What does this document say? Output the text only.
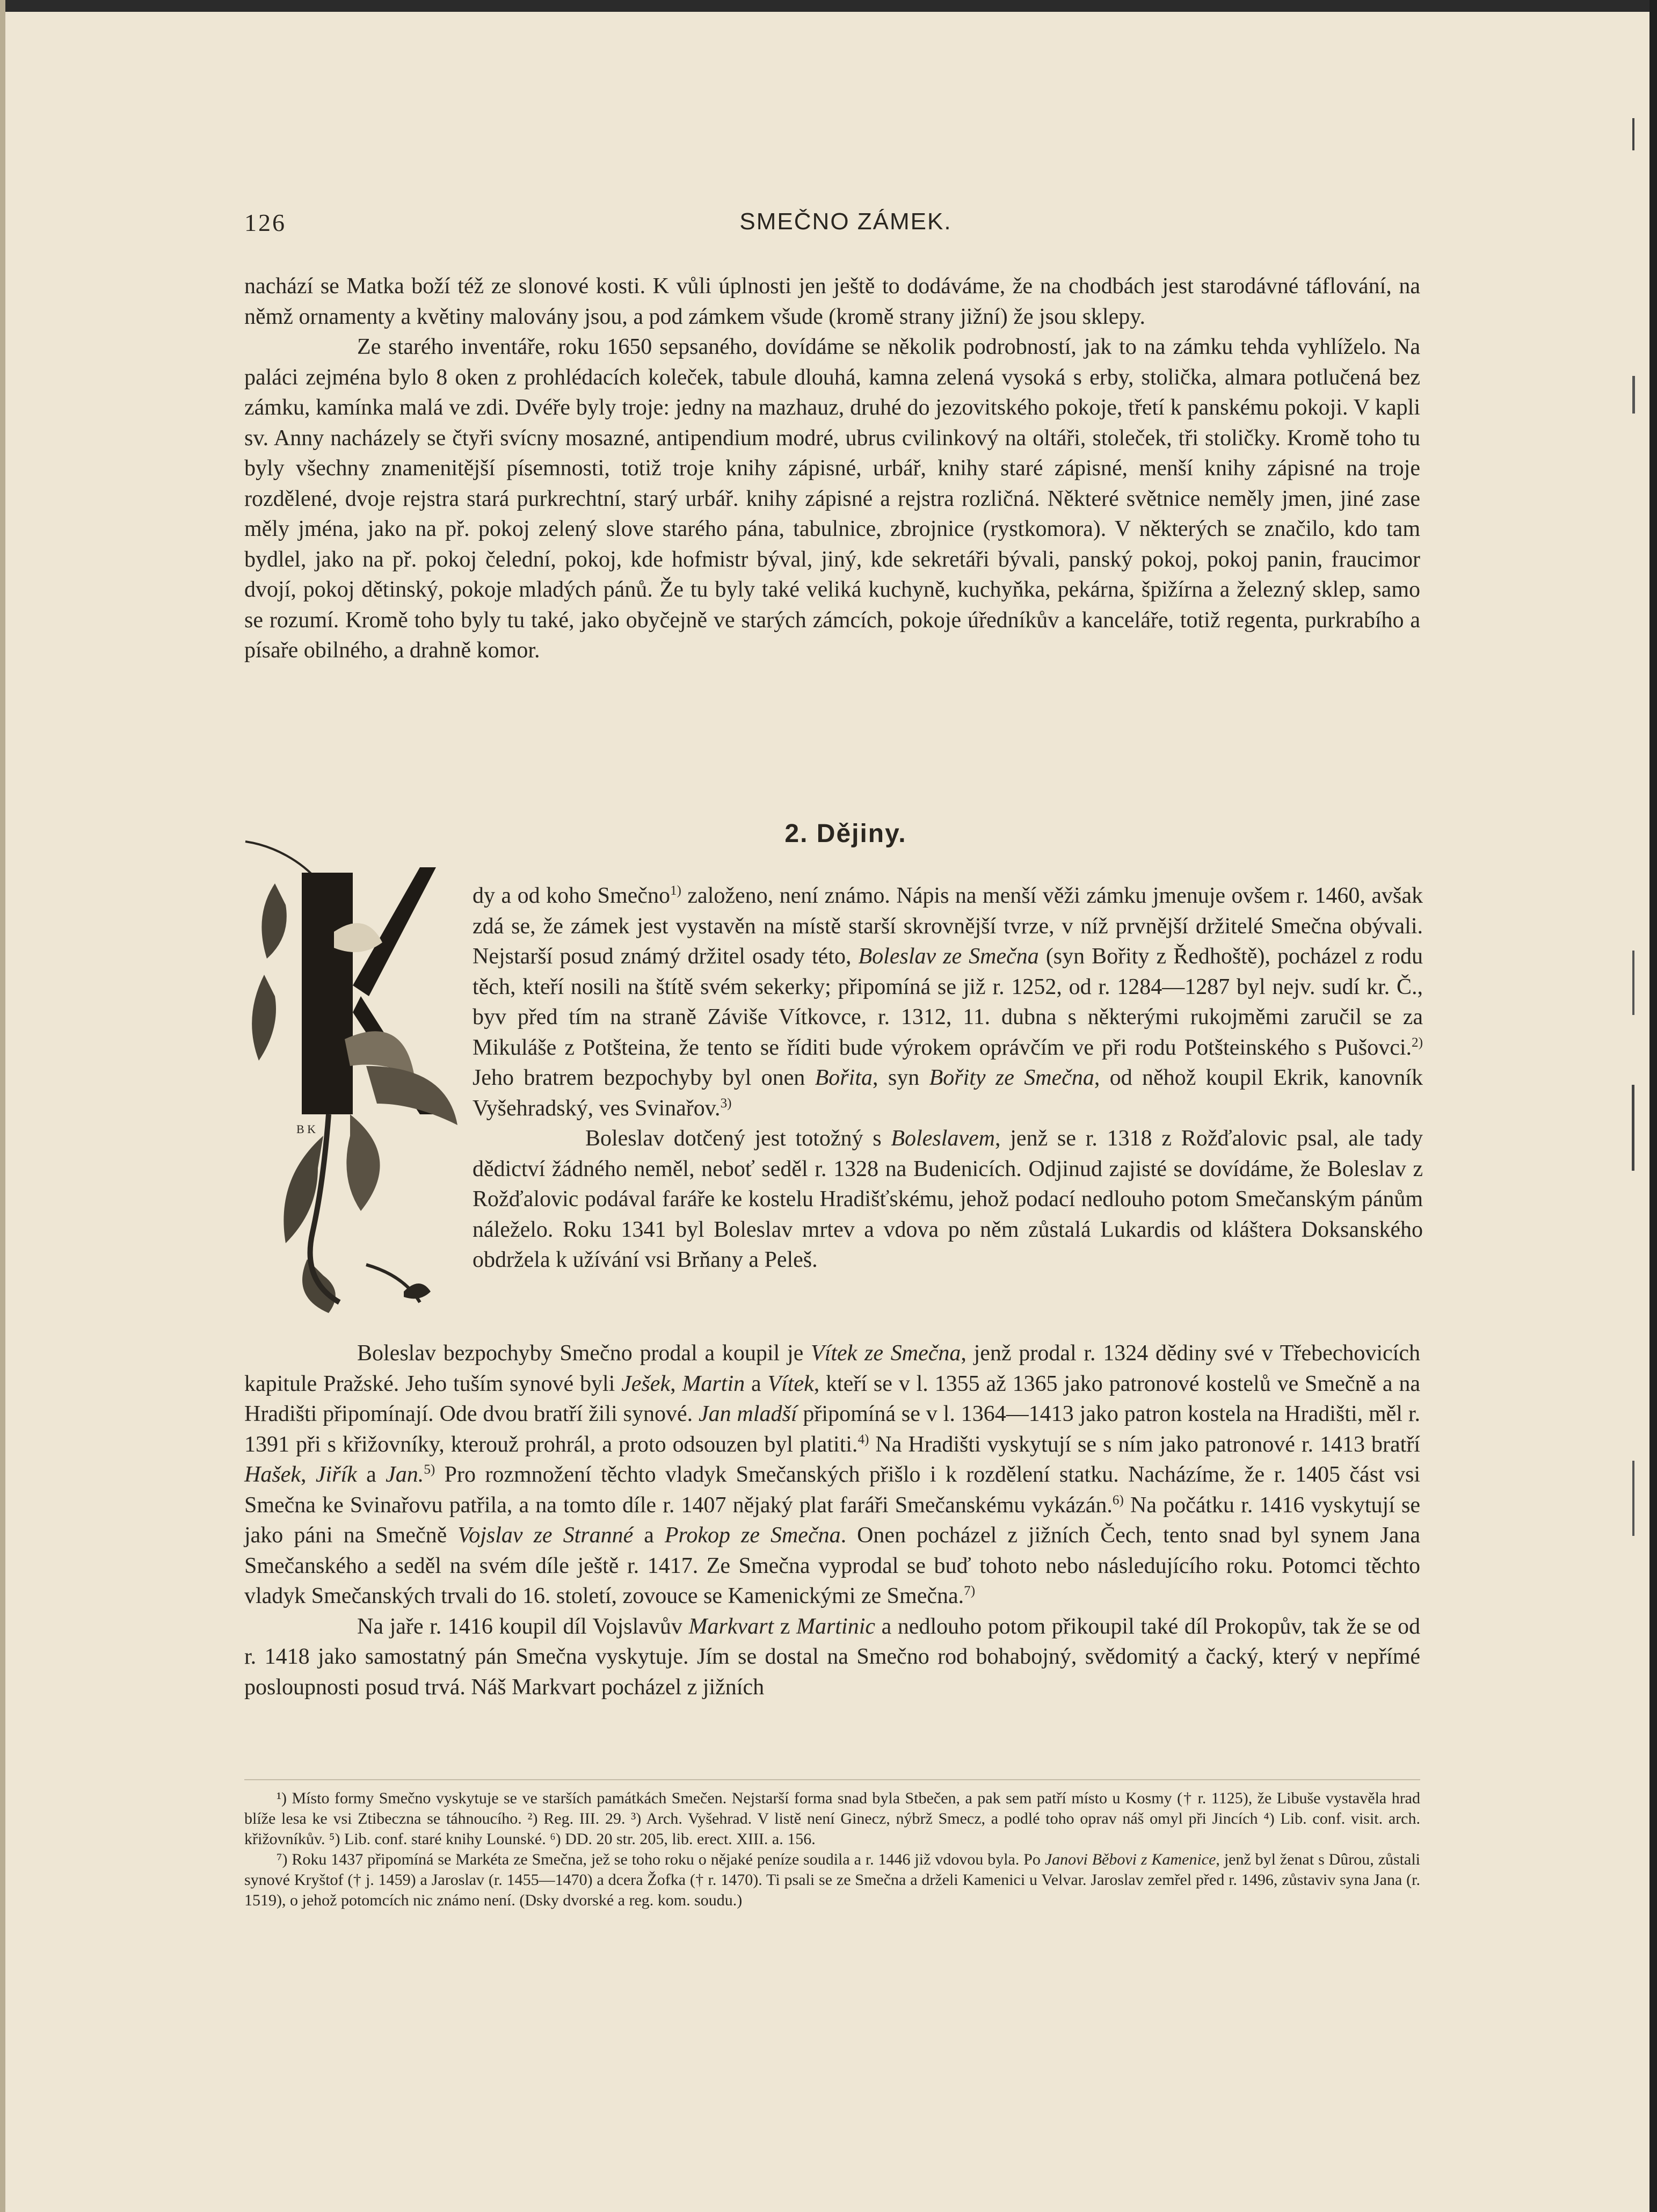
126	SMEČNO ZÁMEK.

nachází se Matka boží též ze slonové kosti. K vůli úplnosti jen ještě to dodáváme, že na chodbách jest starodávné táflování, na němž ornamenty a květiny malovány jsou, a pod zámkem všude (kromě strany jižní) že jsou sklepy.

Ze starého inventáře, roku 1650 sepsaného, dovídáme se několik podrobností, jak to na zámku tehda vyhlíželo. Na paláci zejména bylo 8 oken z prohlédacích koleček, tabule dlouhá, kamna zelená vysoká s erby, stolička, almara potlučená bez zámku, kamínka malá ve zdi. Dvéře byly troje: jedny na mazhauz, druhé do jezovitského pokoje, třetí k panskému pokoji. V kapli sv. Anny nacházely se čtyři svícny mosazné, antipendium modré, ubrus cvilinkový na oltáři, stoleček, tři stoličky. Kromě toho tu byly všechny znamenitější písemnosti, totiž troje knihy zápisné, urbář, knihy staré zápisné, menší knihy zápisné na troje rozdělené, dvoje rejstra stará purkrechtní, starý urbář. knihy zápisné a rejstra rozličná. Některé světnice neměly jmen, jiné zase měly jména, jako na př. pokoj zelený slove starého pána, tabulnice, zbrojnice (rystkomora). V některých se značilo, kdo tam bydlel, jako na př. pokoj čelední, pokoj, kde hofmistr býval, jiný, kde sekretáři bývali, panský pokoj, pokoj panin, fraucimor dvojí, pokoj dětinský, pokoje mladých pánů. Že tu byly také veliká kuchyně, kuchyňka, pekárna, špižírna a železný sklep, samo se rozumí. Kromě toho byly tu také, jako obyčejně ve starých zámcích, pokoje úředníkův a kanceláře, totiž regenta, purkrabího a písaře obilného, a drahně komor.

2. Dějiny.
B K

dy a od koho Smečno$^{1)}$ založeno, není známo. Nápis na menší věži zámku jmenuje ovšem r. 1460, avšak zdá se, že zámek jest vystavěn na místě starší skrovnější tvrze, v níž prvnější držitelé Smečna obývali. Nejstarší posud známý držitel osady této, Boleslav ze Smečna (syn Bořity z Ředhoště), pocházel z rodu těch, kteří nosili na štítě svém sekerky; připomíná se již r. 1252, od r. 1284—1287 byl nejv. sudí kr. Č., byv před tím na straně Záviše Vítkovce, r. 1312, 11. dubna s některými rukojměmi zaručil se za Mikuláše z Potšteina, že tento se říditi bude výrokem oprávčím ve při rodu Potšteinského s Pušovci.$^{2)}$ Jeho bratrem bezpochyby byl onen Bořita, syn Bořity ze Smečna, od něhož koupil Ekrik, kanovník Vyšehradský, ves Svinařov.$^{3)}$

Boleslav dotčený jest totožný s Boleslavem, jenž se r. 1318 z Rožďalovic psal, ale tady dědictví žádného neměl, neboť seděl r. 1328 na Budenicích. Odjinud zajisté se dovídáme, že Boleslav z Rožďalovic podával faráře ke kostelu Hradišťskému, jehož podací nedlouho potom Smečanským pánům náleželo. Roku 1341 byl Boleslav mrtev a vdova po něm zůstalá Lukardis od kláštera Doksanského obdržela k užívání vsi Brňany a Peleš.

Boleslav bezpochyby Smečno prodal a koupil je Vítek ze Smečna, jenž prodal r. 1324 dědiny své v Třebechovicích kapitule Pražské. Jeho tuším synové byli Ješek, Martin a Vítek, kteří se v l. 1355 až 1365 jako patronové kostelů ve Smečně a na Hradišti připomínají. Ode dvou bratří žili synové. Jan mladší připomíná se v l. 1364—1413 jako patron kostela na Hradišti, měl r. 1391 při s křižovníky, kterouž prohrál, a proto odsouzen byl platiti.$^{4)}$ Na Hradišti vyskytují se s ním jako patronové r. 1413 bratří Hašek, Jiřík a Jan.$^{5)}$ Pro rozmnožení těchto vladyk Smečanských přišlo i k rozdělení statku. Nacházíme, že r. 1405 část vsi Smečna ke Svinařovu patřila, a na tomto díle r. 1407 nějaký plat faráři Smečanskému vykázán.$^{6)}$ Na počátku r. 1416 vyskytují se jako páni na Smečně Vojslav ze Stranné a Prokop ze Smečna. Onen pocházel z jižních Čech, tento snad byl synem Jana Smečanského a seděl na svém díle ještě r. 1417. Ze Smečna vyprodal se buď tohoto nebo následujícího roku. Potomci těchto vladyk Smečanských trvali do 16. století, zovouce se Kamenickými ze Smečna.$^{7)}$

Na jaře r. 1416 koupil díl Vojslavův Markvart z Martinic a nedlouho potom přikoupil také díl Prokopův, tak že se od r. 1418 jako samostatný pán Smečna vyskytuje. Jím se dostal na Smečno rod bohabojný, svědomitý a čacký, který v nepřímé posloupnosti posud trvá. Náš Markvart pocházel z jižních

¹) Místo formy Smečno vyskytuje se ve starších památkách Smečen. Nejstarší forma snad byla Stbečen, a pak sem patří místo u Kosmy († r. 1125), že Libuše vystavěla hrad blíže lesa ke vsi Ztibeczna se táhnoucího. ²) Reg. III. 29. ³) Arch. Vyšehrad. V listě není Ginecz, nýbrž Smecz, a podlé toho oprav náš omyl při Jincích ⁴) Lib. conf. visit. arch. křižovníkův. ⁵) Lib. conf. staré knihy Lounské. ⁶) DD. 20 str. 205, lib. erect. XIII. a. 156.

⁷) Roku 1437 připomíná se Markéta ze Smečna, jež se toho roku o nějaké peníze soudila a r. 1446 již vdovou byla. Po Janovi Běbovi z Kamenice, jenž byl ženat s Dûrou, zůstali synové Kryštof († j. 1459) a Jaroslav (r. 1455—1470) a dcera Žofka († r. 1470). Ti psali se ze Smečna a drželi Kamenici u Velvar. Jaroslav zemřel před r. 1496, zůstaviv syna Jana (r. 1519), o jehož potomcích nic známo není. (Dsky dvorské a reg. kom. soudu.)
